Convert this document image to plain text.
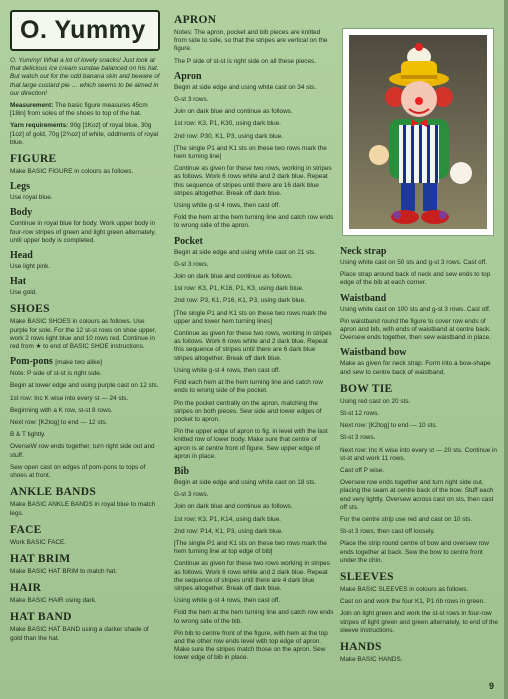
O. Yummy

O. Yummy! What a lot of lovely snacks! Just look at that delicious ice cream sundae balanced on his hat. But watch out for the odd banana skin and beware of that large custard pie … which seems to be aimed in our direction!

Measurement: The basic figure measures 45cm [18in] from soles of the shoes to top of the hat.

Yarn requirements: 90g [1Koz] of royal blue, 30g [1oz] of gold, 70g [2¾oz] of white, oddments of royal blue.

FIGURE

Make BASIC FIGURE in colours as follows.

Legs

Use royal blue.

Body

Continue in royal blue for body. Work upper body in four-row stripes of green and light green alternately, until upper body is completed.

Head

Use light pink.

Hat

Use gold.

SHOES

Make BASIC SHOES in colours as follows. Use purple for sole. For the 12 st-st rows on shoe upper, work 2 rows light blue and 10 rows red. Continue in red from ★ to end of BASIC SHOE instructions.

Pom-pons [make two alike]

Note: P side of st-st is right side.

Begin at lower edge and using purple cast on 12 sts.

1st row: Inc K wise into every st — 24 sts.

Beginning with a K row, st-st 8 rows.

Next row: [K2tog] to end — 12 sts.

B & T tightly.

OverseW row ends together, turn right side out and stuff.

Sew open cast on edges of pom-pons to tops of shoes at front.

ANKLE BANDS

Make BASIC ANKLE BANDS in royal blue to match legs.

FACE

Work BASIC FACE.

HAT BRIM

Make BASIC HAT BRIM to match hat.

HAIR

Make BASIC HAIR using dark.

HAT BAND

Make BASIC HAT BAND using a darker shade of gold than the hat.

APRON

Notes: The apron, pocket and bib pieces are knitted from side to side, so that the stripes are vertical on the figure.

The P side of st-st is right side on all these pieces.

Apron

Begin at side edge and using white cast on 34 sts.

G-st 3 rows.

Join on dark blue and continue as follows.

1st row: K3, P1, K30, using dark blue.

2nd row: P30, K1, P3, using dark blue.

[The single P1 and K1 sts on these two rows mark the hem turning line]

Continue as given for these two rows, working in stripes as follows. Work 6 rows white and 2 dark blue. Repeat this sequence of stripes until there are 16 dark blue stripes altogether. Break off dark blue.

Using white g-st 4 rows, then cast off.

Fold the hem at the hem turning line and catch row ends to wrong side of the apron.

Pocket

Begin at side edge and using white cast on 21 sts.

G-st 3 rows.

Join on dark blue and continue as follows.

1st row: K3, P1, K16, P1, K3, using dark blue.

2nd row: P3, K1, P16, K1, P3, using dark blue.

[The single P1 and K1 sts on these two rows mark the upper and lower hem turning lines]

Continue as given for these two rows, working in stripes as follows. Work 6 rows white and 2 dark blue. Repeat this sequence of stripes until there are 6 dark blue stripes altogether. Break off dark blue.

Using white g-st 4 rows, then cast off.

Fold each hem at the hem turning line and catch row ends to wrong side of the pocket.

Pin the pocket centrally on the apron, matching the stripes on both pieces. Sew side and lower edges of pocket to apron.

Pin the upper edge of apron to fig. in level with the last knitted row of lower body. Make sure that centre of apron is at centre front of figure. Sew upper edge of apron in place.

Bib

Begin at side edge and using white cast on 18 sts.

G-st 3 rows.

Join on dark blue and continue as follows.

1st row: K3, P1, K14, using dark blue.

2nd row: P14, K1, P3, using dark blue.

[The single P1 and K1 sts on these two rows mark the hem turning line at top edge of bib]

Continue as given for these two rows working in stripes as follows. Work 6 rows white and 2 dark blue. Repeat the sequence of stripes until there are 4 dark blue stripes altogether. Break off dark blue.

Using white g-st 4 rows, then cast off.

Fold the hem at the hem turning line and catch row ends to wrong side of the bib.

Pin bib to centre front of the figure, with hem at the top and the other row ends level with top edge of apron. Make sure the stripes match those on the apron. Sew lower edge of bib in place.

Neck strap

Using white cast on 50 sts and g-st 3 rows. Cast off.

Place strap around back of neck and sew ends to top edge of the bib at each corner.

Waistband

Using white cast on 100 sts and g-st 3 rows. Cast off.

Pin waistband round the figure to cover row ends of apron and bib, with ends of waistband at centre back. Oversew ends together, then sew waistband in place.

Waistband bow

Make as given for neck strap. Form into a bow-shape and sew to centre back of waistband.

BOW TIE

Using red cast on 20 sts.

St-st 12 rows.

Next row: [K2tog] to end — 10 sts.

St-st 3 rows.

Next row: Inc K wise into every st — 20 sts. Continue in st-st and work 11 rows.

Cast off P wise.

Oversew row ends together and turn right side out, placing the seam at centre back of the bow. Stuff each end very lightly. Oversew across cast on sts, then cast off sts.

For the centre strip use red and cast on 10 sts.

St-st 3 rows, then cast off loosely.

Place the strip round centre of bow and oversew row ends together at back. Sew the bow to centre front under the chin.

SLEEVES

Make BASIC SLEEVES in colours as follows.

Cast on and work the four K1, P1 rib rows in green.

Join on light green and work the st-st rows in four-row stripes of light green and green alternately, to end of the sleeve instructions.

HANDS

Make BASIC HANDS.

9
